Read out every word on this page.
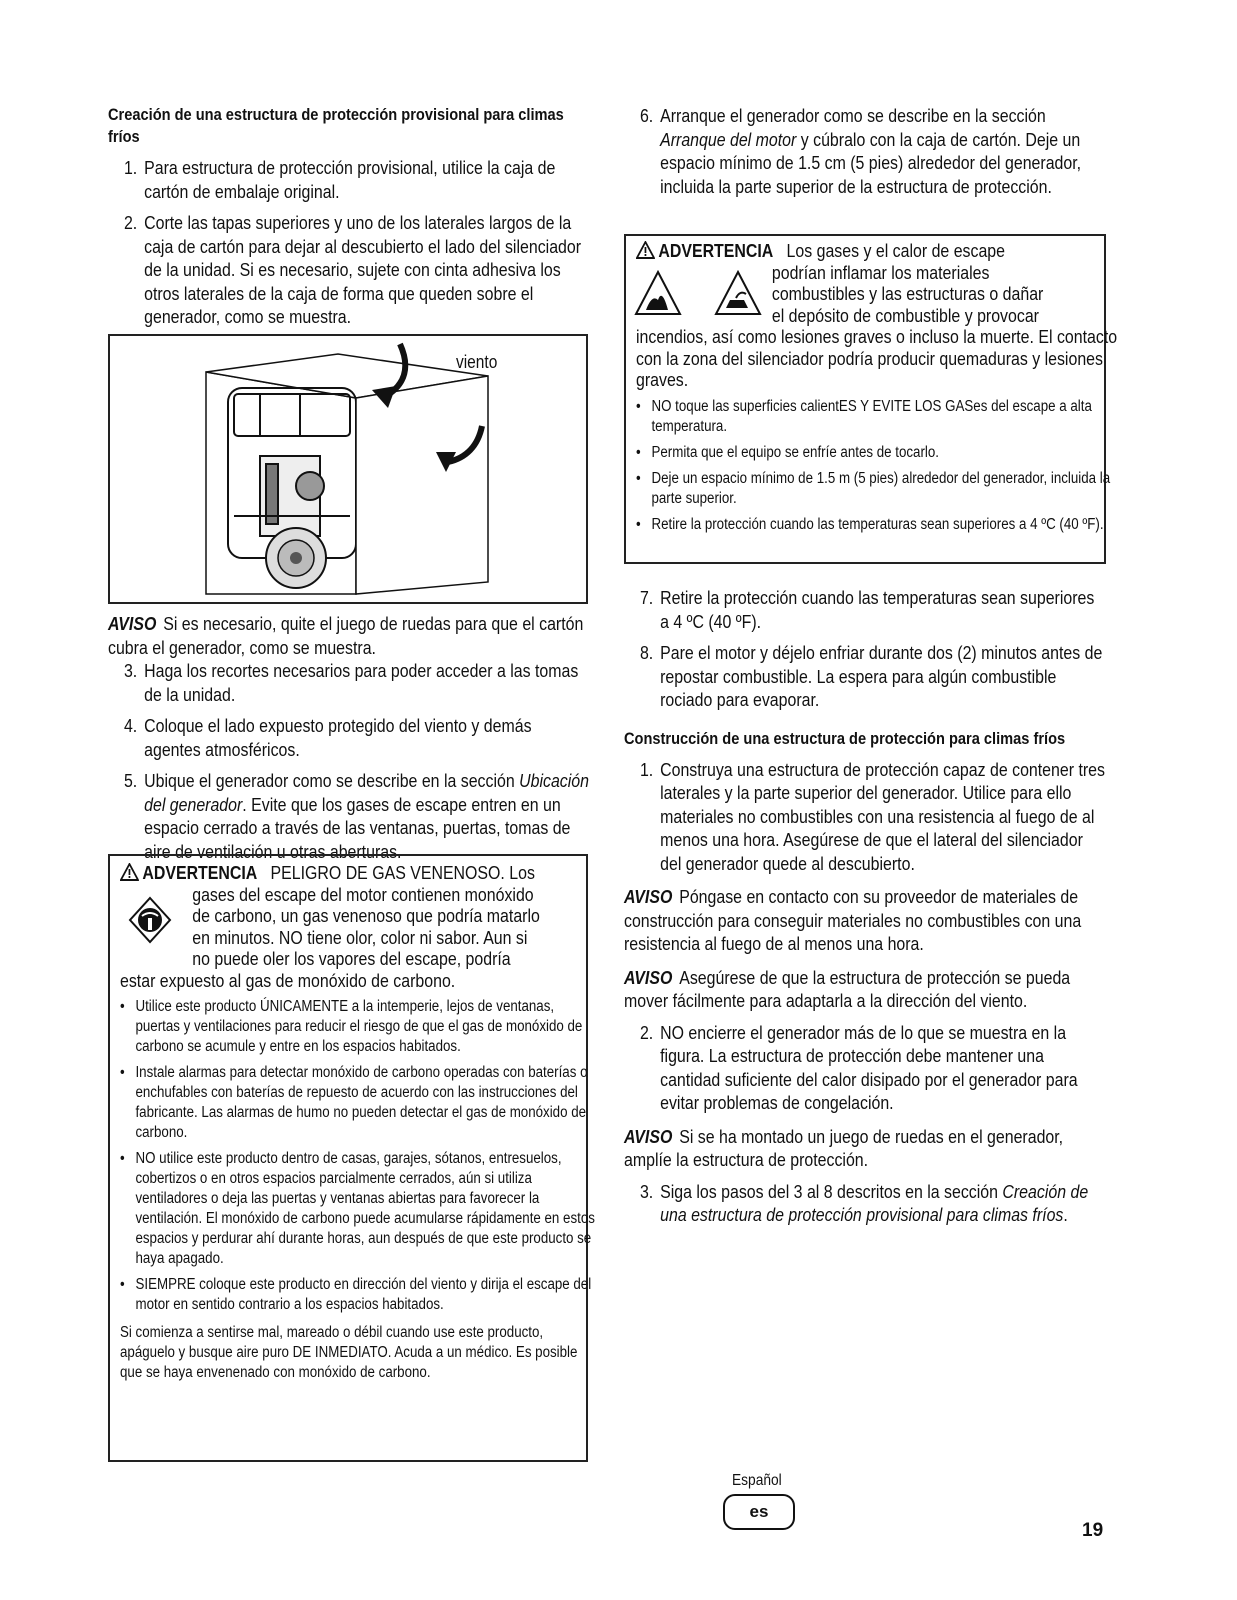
Creación de una estructura de protección provisional para climas fríos
1. Para estructura de protección provisional, utilice la caja de cartón de embalaje original.
2. Corte las tapas superiores y uno de los laterales largos de la caja de cartón para dejar al descubierto el lado del silenciador de la unidad. Si es necesario, sujete con cinta adhesiva los otros laterales de la caja de forma que queden sobre el generador, como se muestra.
viento
AVISO Si es necesario, quite el juego de ruedas para que el cartón cubra el generador, como se muestra.
3. Haga los recortes necesarios para poder acceder a las tomas de la unidad.
4. Coloque el lado expuesto protegido del viento y demás agentes atmosféricos.
5. Ubique el generador como se describe en la sección Ubicación del generador. Evite que los gases de escape entren en un espacio cerrado a través de las ventanas, puertas, tomas de aire de ventilación u otras aberturas.
ADVERTENCIA PELIGRO DE GAS VENENOSO. Los
gases del escape del motor contienen monóxido
de carbono, un gas venenoso que podría matarlo
en minutos. NO tiene olor, color ni sabor. Aun si
no puede oler los vapores del escape, podría
estar expuesto al gas de monóxido de carbono.
• Utilice este producto ÚNICAMENTE a la intemperie, lejos de ventanas, puertas y ventilaciones para reducir el riesgo de que el gas de monóxido de carbono se acumule y entre en los espacios habitados.
• Instale alarmas para detectar monóxido de carbono operadas con baterías o enchufables con baterías de repuesto de acuerdo con las instrucciones del fabricante. Las alarmas de humo no pueden detectar el gas de monóxido de carbono.
• NO utilice este producto dentro de casas, garajes, sótanos, entresuelos, cobertizos o en otros espacios parcialmente cerrados, aún si utiliza ventiladores o deja las puertas y ventanas abiertas para favorecer la ventilación. El monóxido de carbono puede acumularse rápidamente en estos espacios y perdurar ahí durante horas, aun después de que este producto se haya apagado.
• SIEMPRE coloque este producto en dirección del viento y dirija el escape del motor en sentido contrario a los espacios habitados.
Si comienza a sentirse mal, mareado o débil cuando use este producto, apáguelo y busque aire puro DE INMEDIATO. Acuda a un médico. Es posible que se haya envenenado con monóxido de carbono.
6. Arranque el generador como se describe en la sección Arranque del motor y cúbralo con la caja de cartón. Deje un espacio mínimo de 1.5 cm (5 pies) alrededor del generador, incluida la parte superior de la estructura de protección.
ADVERTENCIA Los gases y el calor de escape
podrían inflamar los materiales
combustibles y las estructuras o dañar
el depósito de combustible y provocar
incendios, así como lesiones graves o incluso la muerte. El contacto con la zona del silenciador podría producir quemaduras y lesiones graves.
• NO toque las superficies calientES Y EVITE LOS GASes del escape a alta temperatura.
• Permita que el equipo se enfríe antes de tocarlo.
• Deje un espacio mínimo de 1.5 m (5 pies) alrededor del generador, incluida la parte superior.
• Retire la protección cuando las temperaturas sean superiores a 4 ºC (40 ºF).
7. Retire la protección cuando las temperaturas sean superiores a 4 ºC (40 ºF).
8. Pare el motor y déjelo enfriar durante dos (2) minutos antes de repostar combustible. La espera para algún combustible rociado para evaporar.
Construcción de una estructura de protección para climas fríos
1. Construya una estructura de protección capaz de contener tres laterales y la parte superior del generador. Utilice para ello materiales no combustibles con una resistencia al fuego de al menos una hora. Asegúrese de que el lateral del silenciador del generador quede al descubierto.
AVISO Póngase en contacto con su proveedor de materiales de construcción para conseguir materiales no combustibles con una resistencia al fuego de al menos una hora.
AVISO Asegúrese de que la estructura de protección se pueda mover fácilmente para adaptarla a la dirección del viento.
2. NO encierre el generador más de lo que se muestra en la figura. La estructura de protección debe mantener una cantidad suficiente del calor disipado por el generador para evitar problemas de congelación.
AVISO Si se ha montado un juego de ruedas en el generador, amplíe la estructura de protección.
3. Siga los pasos del 3 al 8 descritos en la sección Creación de una estructura de protección provisional para climas fríos.
Español
es
19
